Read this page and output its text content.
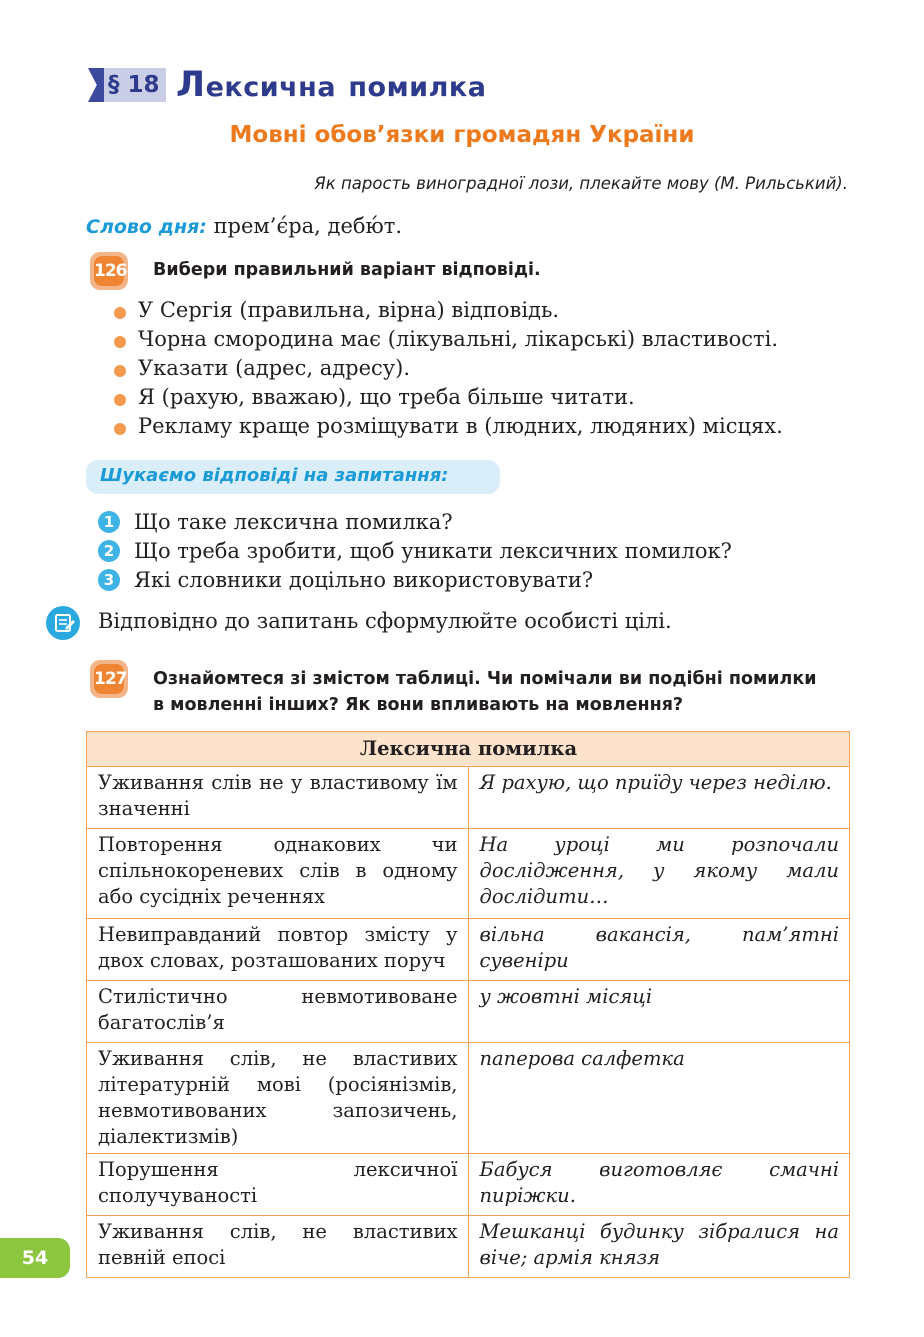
§ 18 Лексична помилка
Мовні обов’язки громадян України
Як парость виноградної лози, плекайте мову (М. Рильський).
Слово дня: прем’є́ра, дебю́т.
126 Вибери правильний варіант відповіді.
У Сергія (правильна, вірна) відповідь.
Чорна смородина має (лікувальні, лікарські) властивості.
Указати (адрес, адресу).
Я (рахую, вважаю), що треба більше читати.
Рекламу краще розміщувати в (людних, людяних) місцях.
Шукаємо відповіді на запитання:
1 Що таке лексична помилка?
2 Що треба зробити, щоб уникати лексичних помилок?
3 Які словники доцільно використовувати?
Відповідно до запитань сформулюйте особисті цілі.
127 Ознайомтеся зі змістом таблиці. Чи помічали ви подібні помилки
в мовленні інших? Як вони впливають на мовлення?
Лексична помилка	
Уживання слів не у властивому їм значенні	Я рахую, що приїду через неділю.
Повторення однакових чи спільнокореневих слів в одному або сусідніх реченнях	На уроці ми розпочали дослідження, у якому мали дослідити…
Невиправданий повтор змісту у двох словах, розташованих поруч	вільна вакансія, пам’ятні сувеніри
Стилістично невмотивоване багатослів’я	у жовтні місяці
Уживання слів, не властивих літературній мові (росіянізмів, невмотивованих запозичень, діалектизмів)	паперова салфетка
Порушення лексичної сполучуваності	Бабуся виготовляє смачні пиріжки.
Уживання слів, не властивих певній епосі	Мешканці будинку зібралися на віче; армія князя
54
